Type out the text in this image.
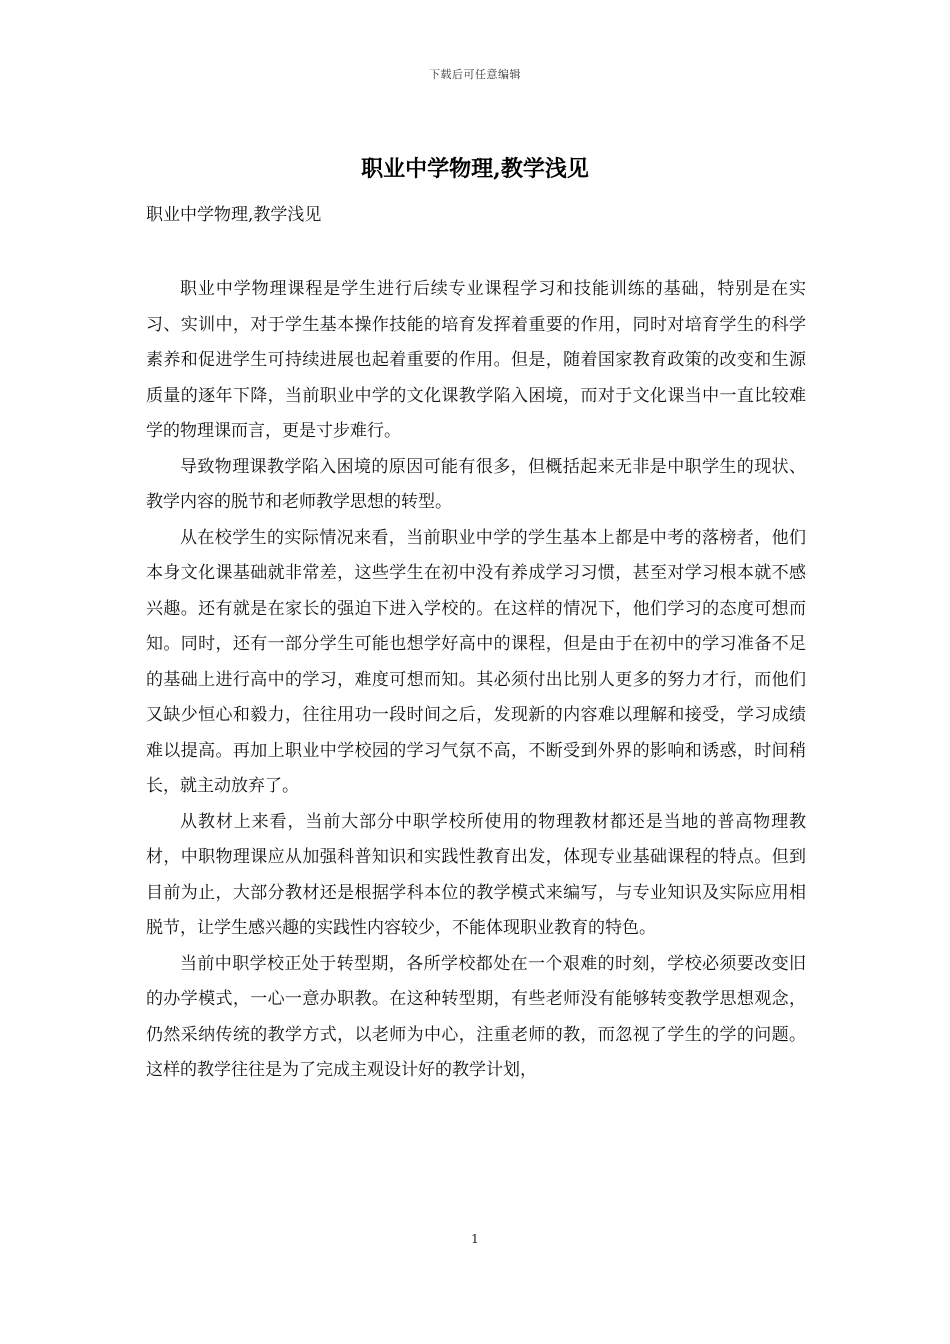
下载后可任意编辑
职业中学物理,教学浅见
职业中学物理,教学浅见

职业中学物理课程是学生进行后续专业课程学习和技能训练的基础，特别是在实习、实训中，对于学生基本操作技能的培育发挥着重要的作用，同时对培育学生的科学素养和促进学生可持续进展也起着重要的作用。但是，随着国家教育政策的改变和生源质量的逐年下降，当前职业中学的文化课教学陷入困境，而对于文化课当中一直比较难学的物理课而言，更是寸步难行。

导致物理课教学陷入困境的原因可能有很多，但概括起来无非是中职学生的现状、教学内容的脱节和老师教学思想的转型。

从在校学生的实际情况来看，当前职业中学的学生基本上都是中考的落榜者，他们本身文化课基础就非常差，这些学生在初中没有养成学习习惯，甚至对学习根本就不感兴趣。还有就是在家长的强迫下进入学校的。在这样的情况下，他们学习的态度可想而知。同时，还有一部分学生可能也想学好高中的课程，但是由于在初中的学习准备不足的基础上进行高中的学习，难度可想而知。其必须付出比别人更多的努力才行，而他们又缺少恒心和毅力，往往用功一段时间之后，发现新的内容难以理解和接受，学习成绩难以提高。再加上职业中学校园的学习气氛不高，不断受到外界的影响和诱惑，时间稍长，就主动放弃了。

从教材上来看，当前大部分中职学校所使用的物理教材都还是当地的普高物理教材，中职物理课应从加强科普知识和实践性教育出发，体现专业基础课程的特点。但到目前为止，大部分教材还是根据学科本位的教学模式来编写，与专业知识及实际应用相脱节，让学生感兴趣的实践性内容较少，不能体现职业教育的特色。

当前中职学校正处于转型期，各所学校都处在一个艰难的时刻，学校必须要改变旧的办学模式，一心一意办职教。在这种转型期，有些老师没有能够转变教学思想观念，仍然采纳传统的教学方式，以老师为中心，注重老师的教，而忽视了学生的学的问题。这样的教学往往是为了完成主观设计好的教学计划，

1
